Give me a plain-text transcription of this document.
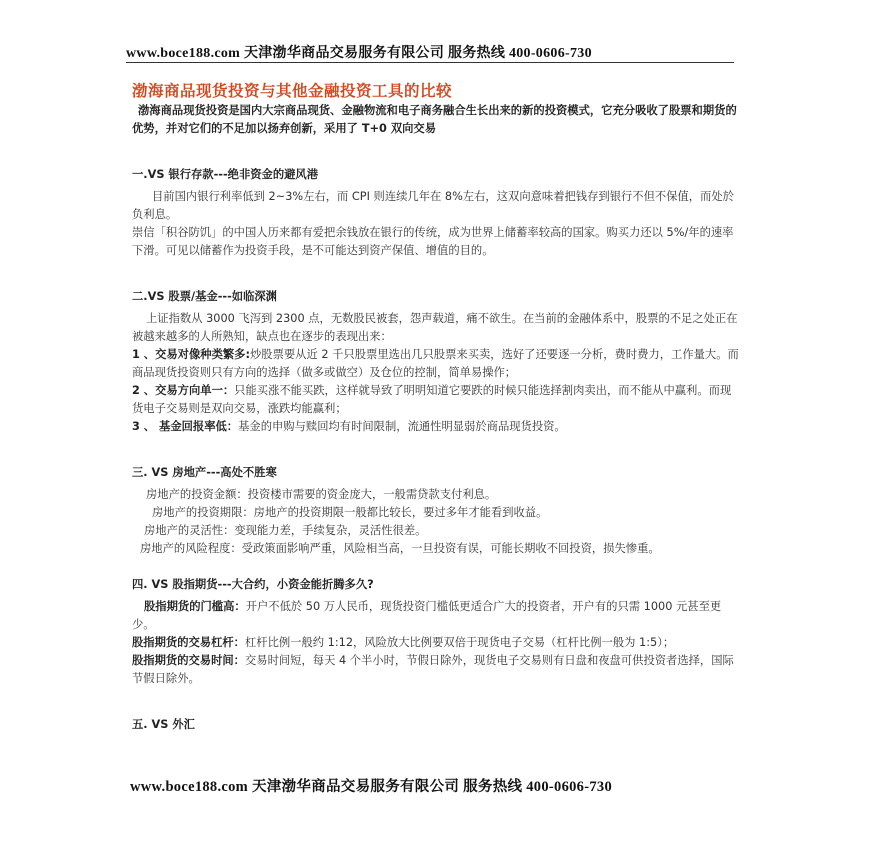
www.boce188.com 天津渤华商品交易服务有限公司 服务热线 400-0606-730
渤海商品现货投资与其他金融投资工具的比较

渤海商品现货投资是国内大宗商品现货、金融物流和电子商务融合生长出来的新的投资模式，它充分吸收了股票和期货的优势，并对它们的不足加以扬弃创新，采用了 T+0 双向交易

一.VS 银行存款---绝非资金的避风港

目前国内银行利率低到 2~3%左右，而 CPI 则连续几年在 8%左右，这双向意味着把钱存到银行不但不保值，而处於负利息。

崇信「积谷防饥」的中国人历来都有爱把余钱放在银行的传统，成为世界上储蓄率较高的国家。购买力还以 5%/年的速率下滑。可见以储蓄作为投资手段，是不可能达到资产保值、增值的目的。

二.VS 股票/基金---如临深渊

上证指数从 3000 飞泻到 2300 点，无数股民被套，怨声载道，痛不欲生。在当前的金融体系中，股票的不足之处正在被越来越多的人所熟知，缺点也在逐步的表现出来：

1 、交易对像种类繁多:炒股票要从近 2 千只股票里选出几只股票来买卖，选好了还要逐一分析，费时费力，工作量大。而商品现货投资则只有方向的选择（做多或做空）及仓位的控制，简单易操作；

2 、交易方向单一：只能买涨不能买跌，这样就导致了明明知道它要跌的时候只能选择割肉卖出，而不能从中赢利。而现货电子交易则是双向交易，涨跌均能赢利；

3 、 基金回报率低：基金的申购与赎回均有时间限制，流通性明显弱於商品现货投资。

三. VS 房地产---高处不胜寒

房地产的投资金额：投资楼市需要的资金庞大，一般需贷款支付利息。

房地产的投资期限：房地产的投资期限一般都比较长，要过多年才能看到收益。

房地产的灵活性：变现能力差，手续复杂，灵活性很差。

房地产的风险程度：受政策面影响严重，风险相当高，一旦投资有误，可能长期收不回投资，损失惨重。

四. VS 股指期货---大合约，小资金能折腾多久?

股指期货的门槛高：开户不低於 50 万人民币，现货投资门槛低更适合广大的投资者，开户有的只需 1000 元甚至更少。

股指期货的交易杠杆：杠杆比例一般约 1:12，风险放大比例要双倍于现货电子交易（杠杆比例一般为 1:5）；

股指期货的交易时间：交易时间短，每天 4 个半小时，节假日除外，现货电子交易则有日盘和夜盘可供投资者选择，国际节假日除外。

五. VS 外汇
www.boce188.com 天津渤华商品交易服务有限公司 服务热线 400-0606-730
